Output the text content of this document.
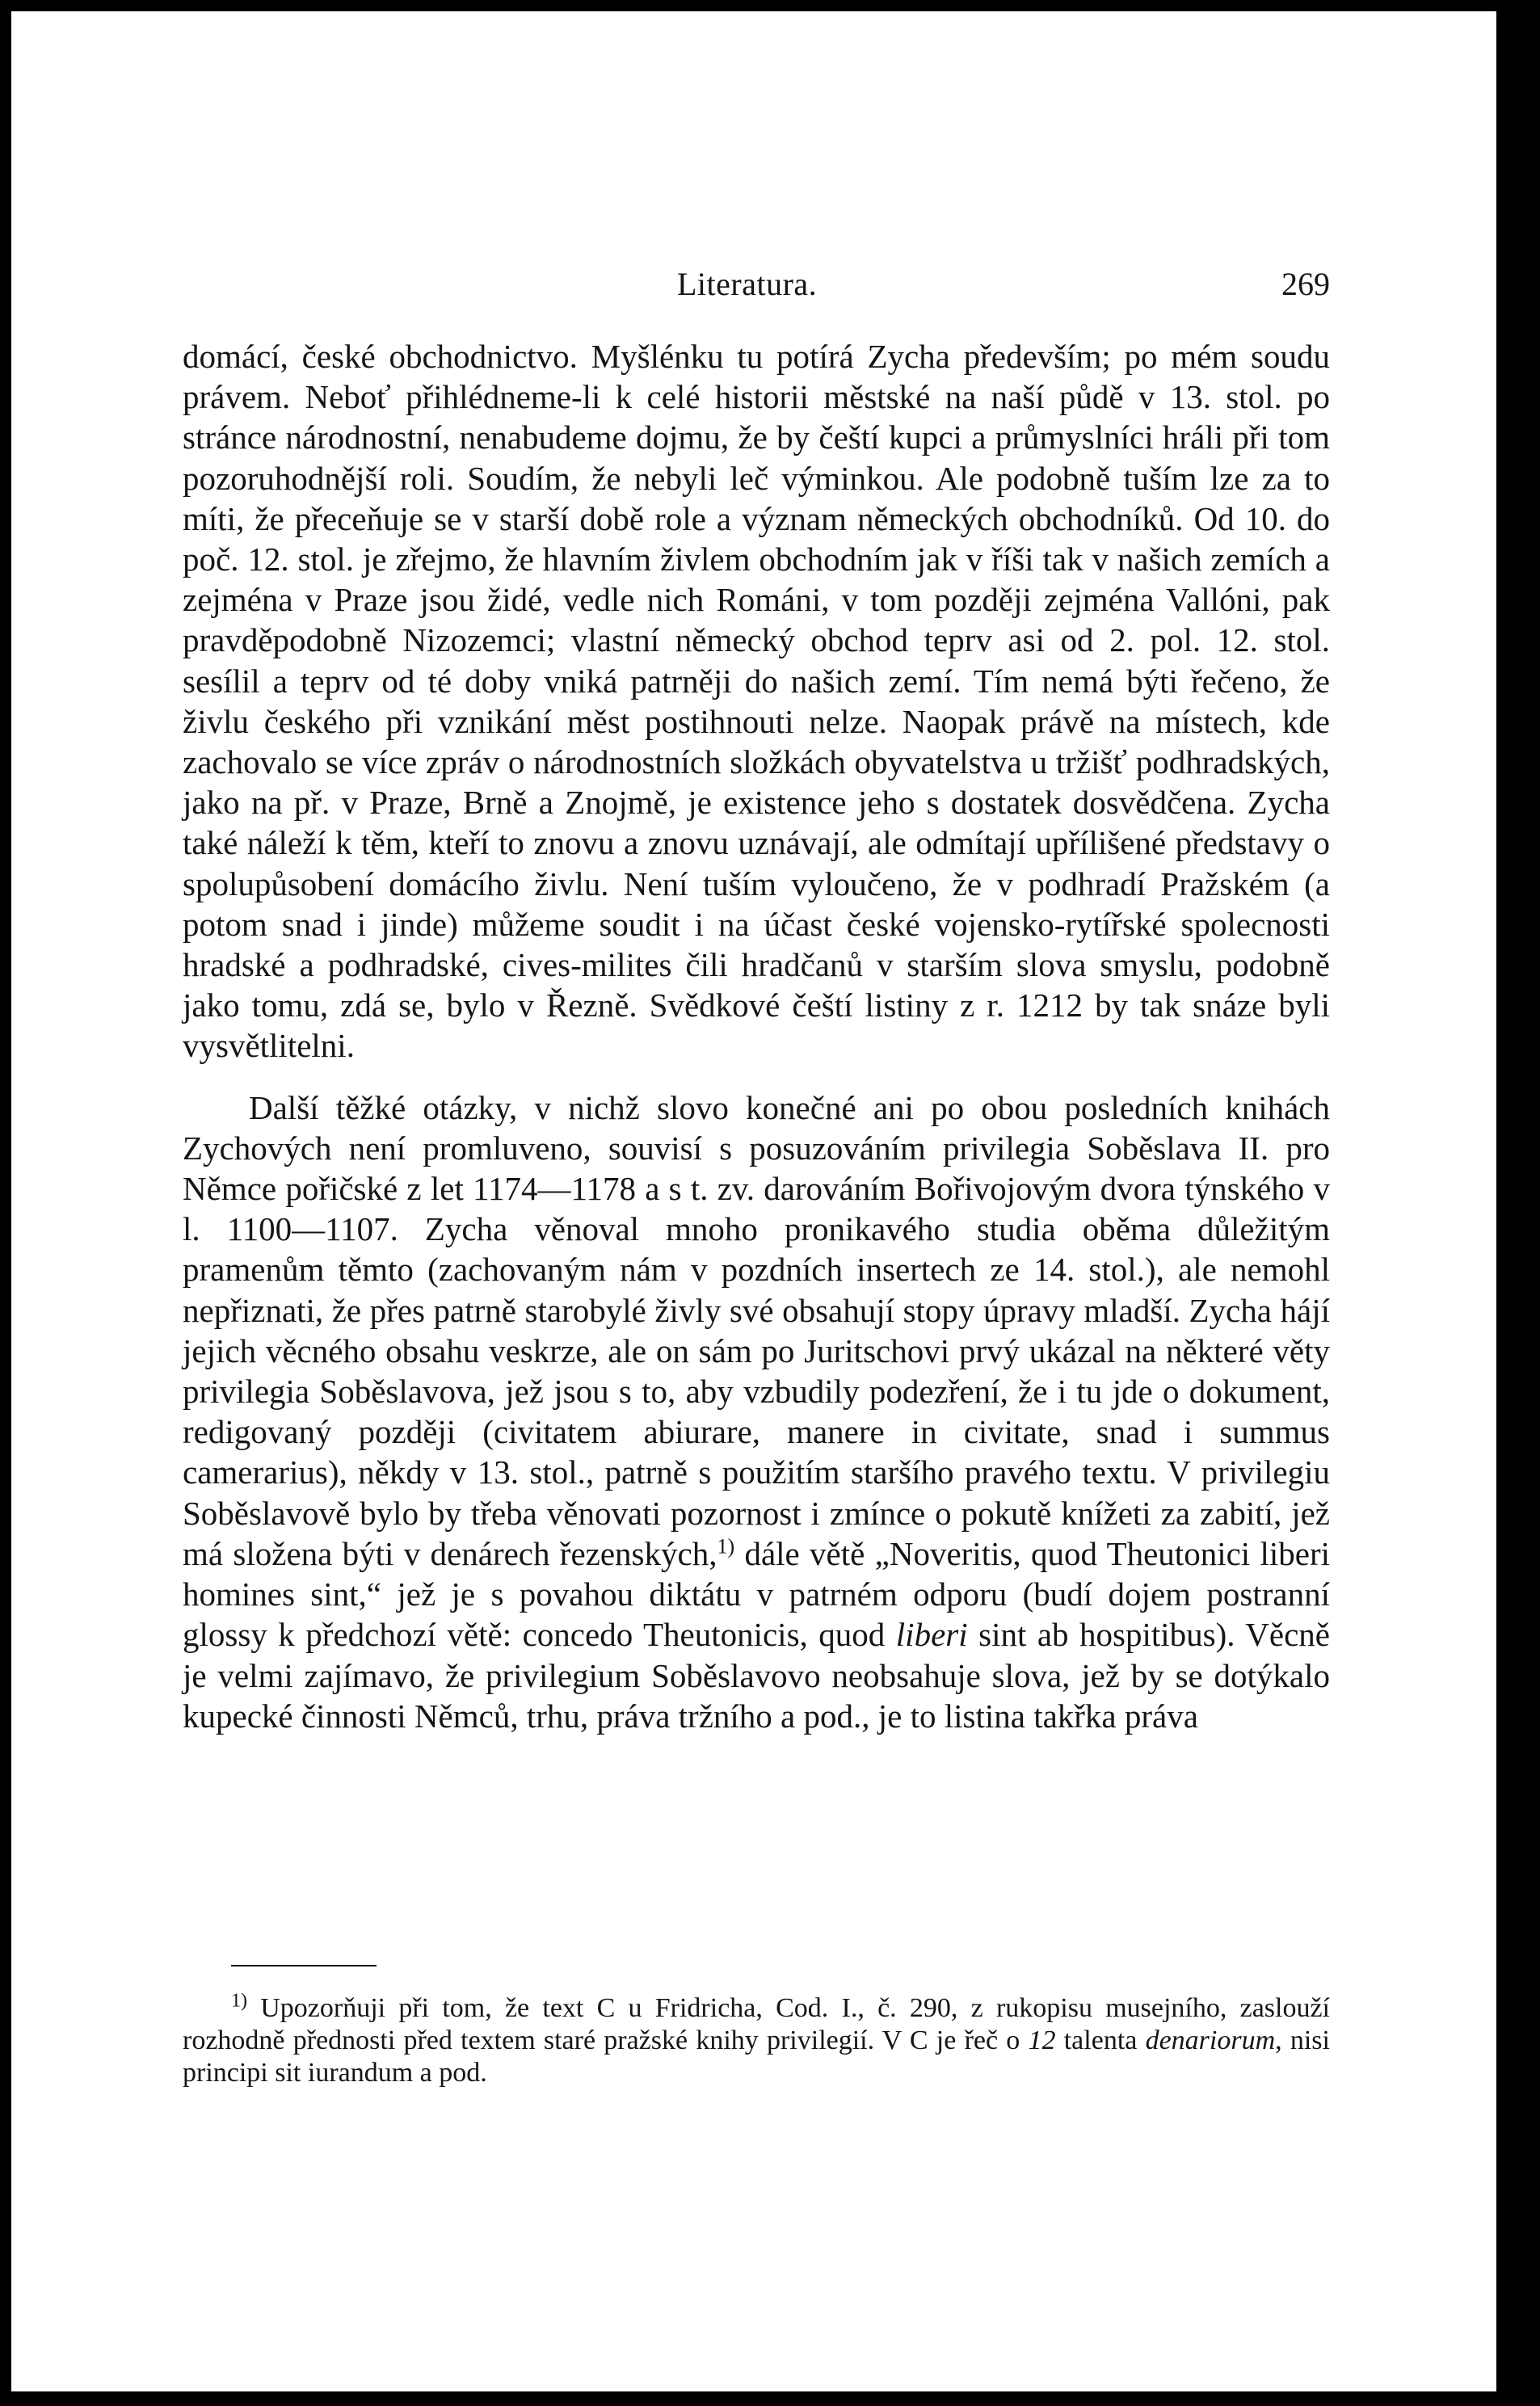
Literatura.	269

domácí, české obchodnictvo. Myšlénku tu potírá Zycha především; po mém soudu právem. Neboť přihlédneme-li k celé historii městské na naší půdě v 13. stol. po stránce národnostní, nenabudeme dojmu, že by čeští kupci a průmyslníci hráli při tom pozoruhodnější roli. Soudím, že nebyli leč výminkou. Ale podobně tuším lze za to míti, že přeceňuje se v starší době role a význam německých obchodníků. Od 10. do poč. 12. stol. je zřejmo, že hlavním živlem obchodním jak v říši tak v našich zemích a zejména v Praze jsou židé, vedle nich Románi, v tom později zejména Vallóni, pak pravděpodobně Nizozemci; vlastní německý obchod teprv asi od 2. pol. 12. stol. sesílil a teprv od té doby vniká patrněji do našich zemí. Tím nemá býti řečeno, že živlu českého při vznikání měst postihnouti nelze. Naopak právě na místech, kde zachovalo se více zpráv o národnostních složkách obyvatelstva u tržišť podhradských, jako na př. v Praze, Brně a Znojmě, je existence jeho s dostatek dosvědčena. Zycha také náleží k těm, kteří to znovu a znovu uznávají, ale odmítají upřílišené představy o spolupůsobení domácího živlu. Není tuším vyloučeno, že v podhradí Pražském (a potom snad i jinde) můžeme soudit i na účast české vojensko-rytířské spolecnosti hradské a podhradské, cives-milites čili hradčanů v starším slova smyslu, podobně jako tomu, zdá se, bylo v Řezně. Svědkové čeští listiny z r. 1212 by tak snáze byli vysvětlitelni.

Další těžké otázky, v nichž slovo konečné ani po obou posledních knihách Zychových není promluveno, souvisí s posuzováním privilegia Soběslava II. pro Němce pořičské z let 1174—1178 a s t. zv. darováním Bořivojovým dvora týnského v l. 1100—1107. Zycha věnoval mnoho pronikavého studia oběma důležitým pramenům těmto (zachovaným nám v pozdních insertech ze 14. stol.), ale nemohl nepřiznati, že přes patrně starobylé živly své obsahují stopy úpravy mladší. Zycha hájí jejich věcného obsahu veskrze, ale on sám po Juritschovi prvý ukázal na některé věty privilegia Soběslavova, jež jsou s to, aby vzbudily podezření, že i tu jde o dokument, redigovaný později (civitatem abiurare, manere in civitate, snad i summus camerarius), někdy v 13. stol., patrně s použitím staršího pravého textu. V privilegiu Soběslavově bylo by třeba věnovati pozornost i zmínce o pokutě knížeti za zabití, jež má složena býti v denárech řezenských,$^{1)}$ dále větě „Noveritis, quod Theutonici liberi homines sint,“ jež je s povahou diktátu v patrném odporu (budí dojem postranní glossy k předchozí větě: concedo Theutonicis, quod liberi sint ab hospitibus). Věcně je velmi zajímavo, že privilegium Soběslavovo neobsahuje slova, jež by se dotýkalo kupecké činnosti Němců, trhu, práva tržního a pod., je to listina takřka práva

$^{1)}$ Upozorňuji při tom, že text C u Fridricha, Cod. I., č. 290, z rukopisu musejního, zaslouží rozhodně přednosti před textem staré pražské knihy privilegií. V C je řeč o 12 talenta denariorum, nisi principi sit iurandum a pod.
